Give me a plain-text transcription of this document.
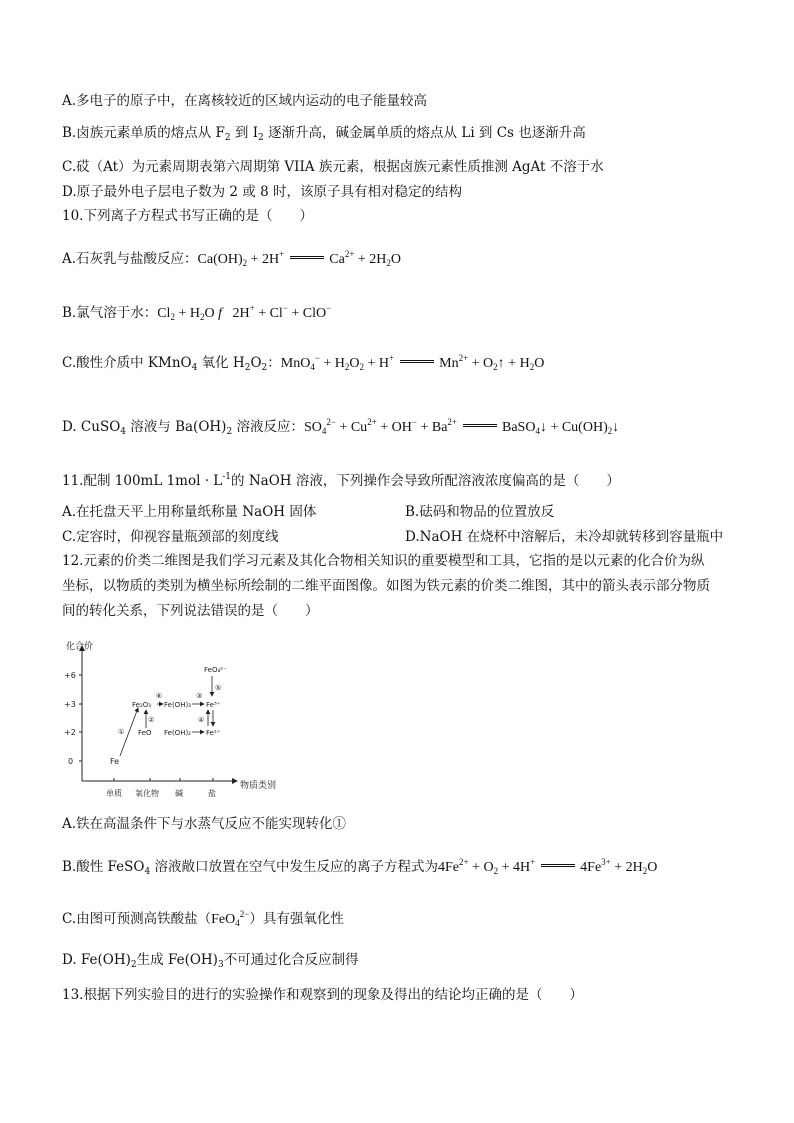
A.多电子的原子中，在离核较近的区域内运动的电子能量较高
B.卤族元素单质的熔点从 $F_2$ 到 $I_2$ 逐渐升高，碱金属单质的熔点从 Li 到 Cs 也逐渐升高
C.砹（At）为元素周期表第六周期第 VIIA 族元素，根据卤族元素性质推测 AgAt 不溶于水
D.原子最外电子层电子数为 2 或 8 时，该原子具有相对稳定的结构
10.下列离子方程式书写正确的是（　　）
A.石灰乳与盐酸反应：$Ca(OH)_2 + 2H^+$	$Ca^{2+} + 2H_2O$
B.氯气溶于水：$Cl_2 + H_2O$ f   2H+ + Cl− + ClO−
C.酸性介质中 KMnO$_4$ 氧化 $H_2O_2$：$MnO_4^- + H_2O_2 + H^+$	$Mn^{2+}$ + $O_2↑ + H_2O$
D. CuSO$_4$ 溶液与 $Ba(OH)_2$ 溶液反应：$SO_4^{2-} + Cu^{2+} + OH^- + Ba^{2+}$	BaSO$_4$↓ + $Cu(OH)_2↓$
11.配制 100mL $1mol \cdot L^{-1}$的 NaOH 溶液，下列操作会导致所配溶液浓度偏高的是（　　）
A.在托盘天平上用称量纸称量 NaOH 固体	B.砝码和物品的位置放反
C.定容时，仰视容量瓶颈部的刻度线	D.NaOH 在烧杯中溶解后，未冷却就转移到容量瓶中
12.元素的价类二维图是我们学习元素及其化合物相关知识的重要模型和工具，它指的是以元素的化合价为纵
坐标，以物质的类别为横坐标所绘制的二维平面图像。如图为铁元素的价类二维图，其中的箭头表示部分物质
间的转化关系，下列说法错误的是（　　）
化合价
物质类别
+6
+3
+2
0
单质 氧化物 碱	盐
Fe
Fe₂O₃ Fe(OH)₃ Fe³⁺
FeO Fe(OH)₂ Fe²⁺
FeO₄²⁻
①
②
⑤
③
⑥
④
A.铁在高温条件下与水蒸气反应不能实现转化①
B.酸性 FeSO$_4$ 溶液敞口放置在空气中发生反应的离子方程式为$4Fe^{2+} + O_2 + 4H^+$	$4Fe^{3+} + 2H_2O$
C.由图可预测高铁酸盐（FeO$_4^{2-}$）具有强氧化性
D. $Fe(OH)_2$生成 $Fe(OH)_3$不可通过化合反应制得
13.根据下列实验目的进行的实验操作和观察到的现象及得出的结论均正确的是（　　）
